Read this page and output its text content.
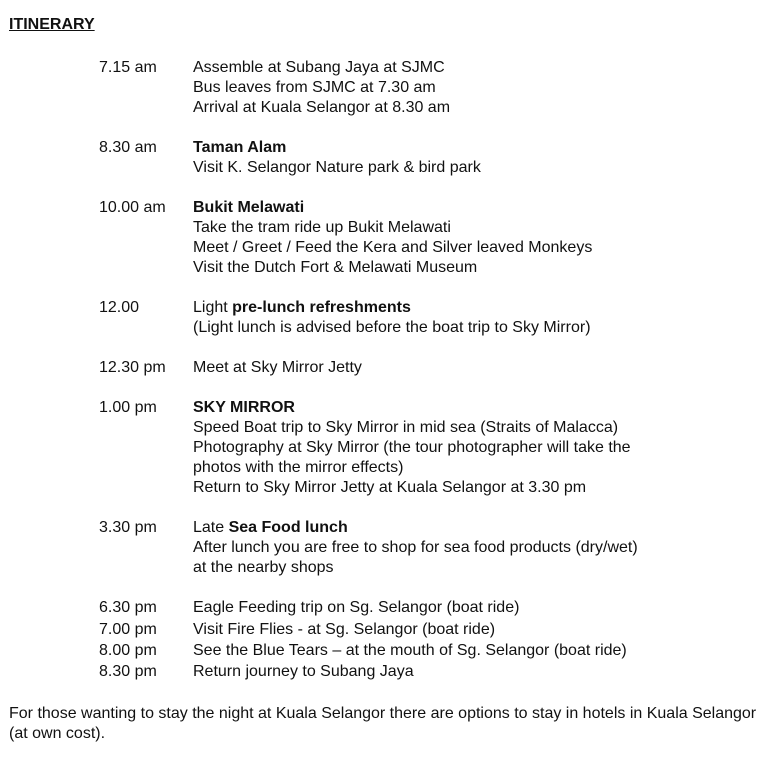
ITINERARY
7.15 am Assemble at Subang Jaya at SJMC
Bus leaves from SJMC at 7.30 am
Arrival at Kuala Selangor at 8.30 am
8.30 am Taman Alam
Visit K. Selangor Nature park & bird park
10.00 am Bukit Melawati
Take the tram ride up Bukit Melawati
Meet / Greet / Feed the Kera and Silver leaved Monkeys
Visit the Dutch Fort & Melawati Museum
12.00	Light pre-lunch refreshments
(Light lunch is advised before the boat trip to Sky Mirror)
12.30 pm Meet at Sky Mirror Jetty
1.00 pm SKY MIRROR
Speed Boat trip to Sky Mirror in mid sea (Straits of Malacca)
Photography at Sky Mirror (the tour photographer will take the
photos with the mirror effects)
Return to Sky Mirror Jetty at Kuala Selangor at 3.30 pm
3.30 pm Late Sea Food lunch
After lunch you are free to shop for sea food products (dry/wet)
at the nearby shops
6.30 pm Eagle Feeding trip on Sg. Selangor (boat ride)
7.00 pm Visit Fire Flies - at Sg. Selangor (boat ride)
8.00 pm See the Blue Tears – at the mouth of Sg. Selangor (boat ride)
8.30 pm Return journey to Subang Jaya
For those wanting to stay the night at Kuala Selangor there are options to stay in hotels in Kuala Selangor (at own cost).
